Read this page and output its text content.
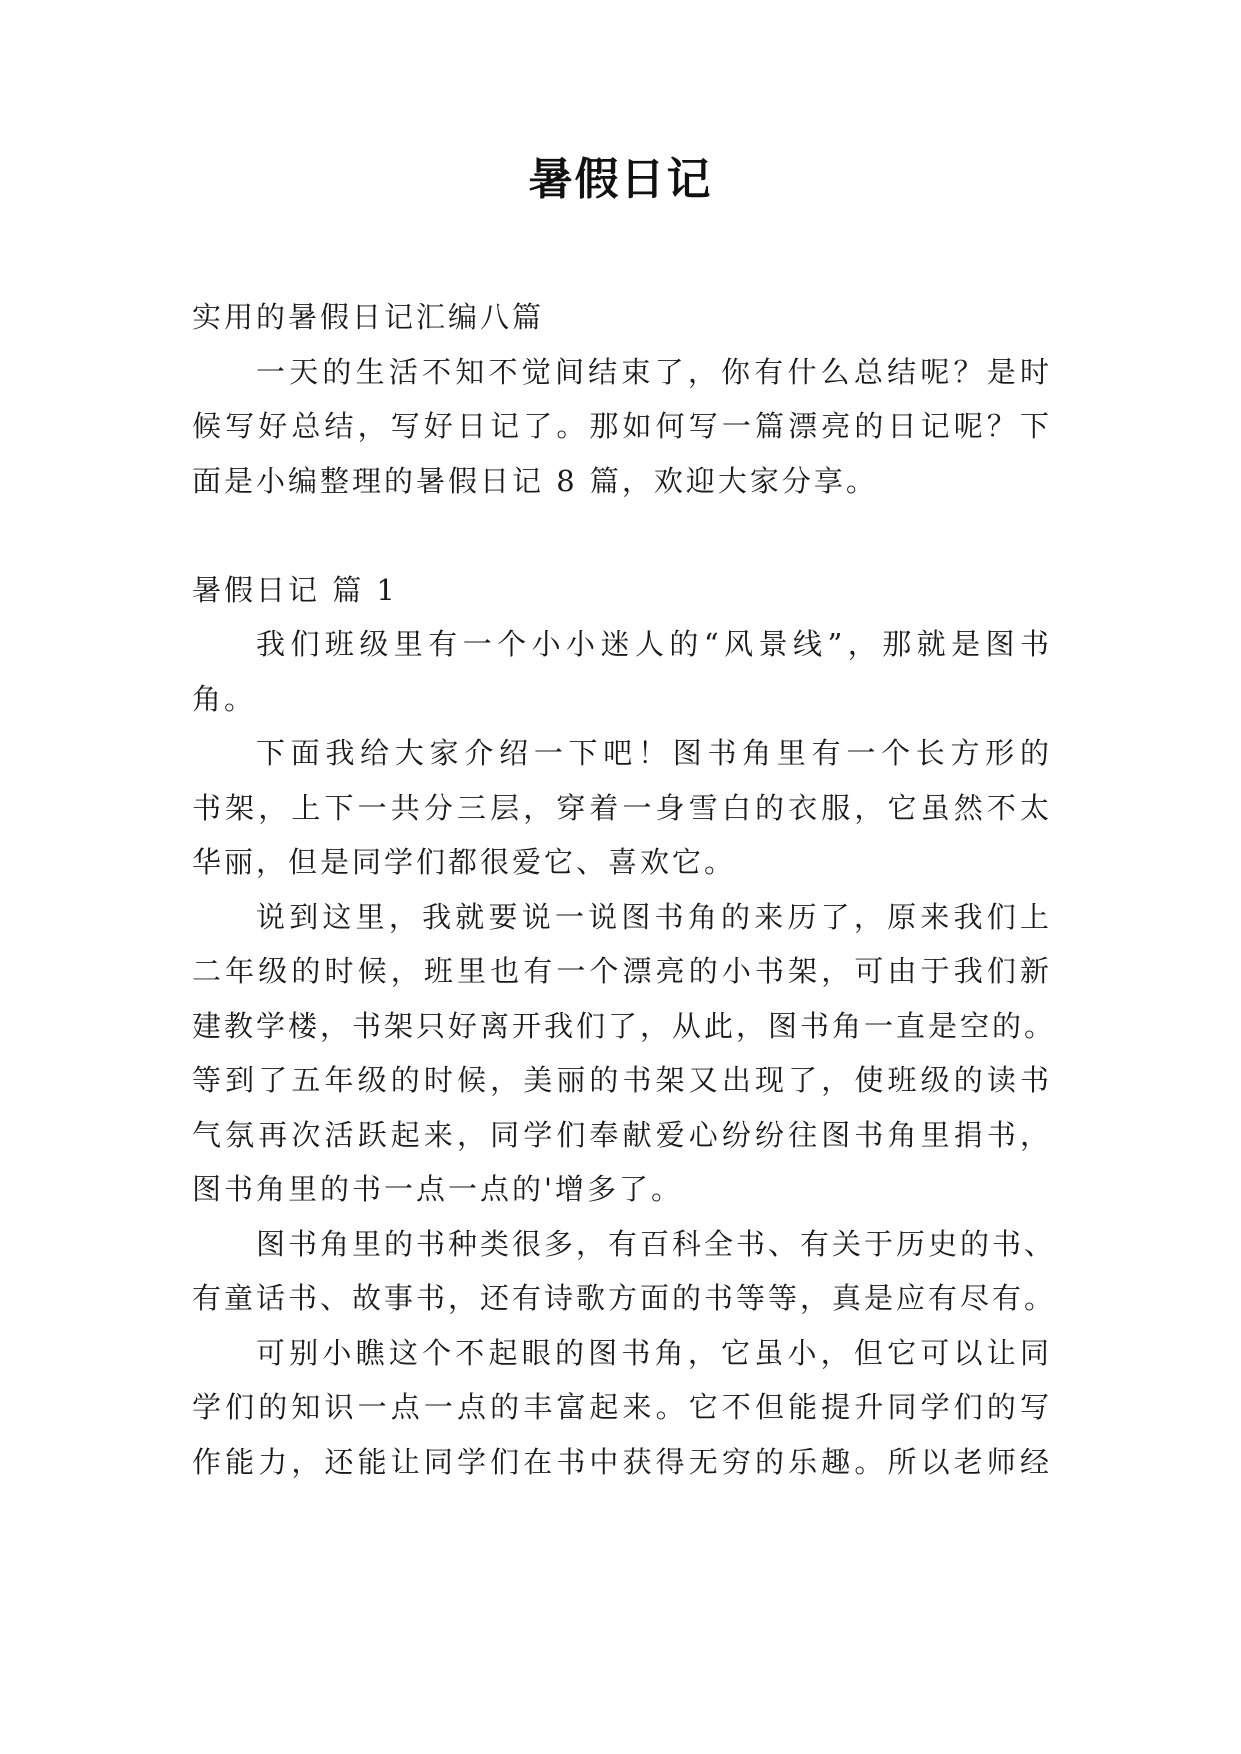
暑假日记
实用的暑假日记汇编八篇
一天的生活不知不觉间结束了，你有什么总结呢？是时
候写好总结，写好日记了。那如何写一篇漂亮的日记呢？下
面是小编整理的暑假日记 8 篇，欢迎大家分享。
暑假日记 篇 1
我们班级里有一个小小迷人的“风景线”，那就是图书
角。
下面我给大家介绍一下吧！图书角里有一个长方形的
书架，上下一共分三层，穿着一身雪白的衣服，它虽然不太
华丽，但是同学们都很爱它、喜欢它。
说到这里，我就要说一说图书角的来历了，原来我们上
二年级的时候，班里也有一个漂亮的小书架，可由于我们新
建教学楼，书架只好离开我们了，从此，图书角一直是空的。
等到了五年级的时候，美丽的书架又出现了，使班级的读书
气氛再次活跃起来，同学们奉献爱心纷纷往图书角里捐书，
图书角里的书一点一点的'增多了。
图书角里的书种类很多，有百科全书、有关于历史的书、
有童话书、故事书，还有诗歌方面的书等等，真是应有尽有。
可别小瞧这个不起眼的图书角，它虽小，但它可以让同
学们的知识一点一点的丰富起来。它不但能提升同学们的写
作能力，还能让同学们在书中获得无穷的乐趣。所以老师经
